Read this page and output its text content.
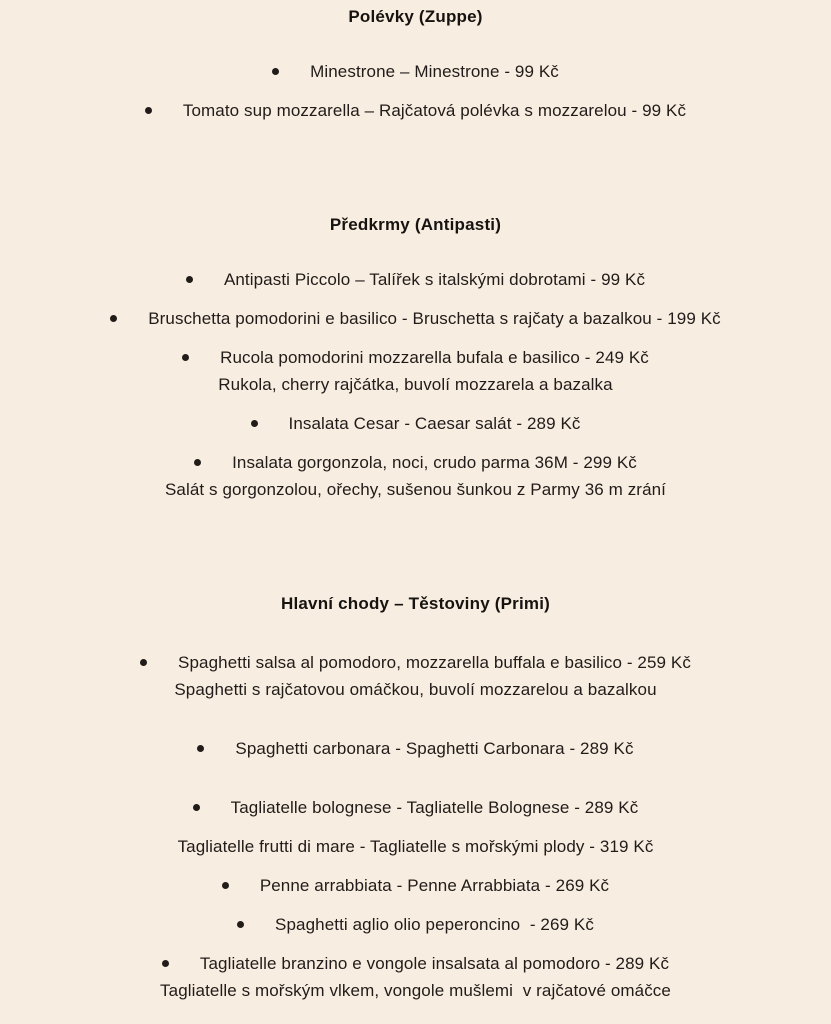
Polévky (Zuppe)
Minestrone – Minestrone - 99 Kč
Tomato sup mozzarella – Rajčatová polévka s mozzarelou - 99 Kč
Předkrmy (Antipasti)
Antipasti Piccolo – Talířek s italskými dobrotami - 99 Kč
Bruschetta pomodorini e basilico - Bruschetta s rajčaty a bazalkou - 199 Kč
Rucola pomodorini mozzarella bufala e basilico - 249 Kč
Rukola, cherry rajčátka, buvolí mozzarela a bazalka
Insalata Cesar - Caesar salát - 289 Kč
Insalata gorgonzola, noci, crudo parma 36M - 299 Kč
Salát s gorgonzolou, ořechy, sušenou šunkou z Parmy 36 m zrání
Hlavní chody – Těstoviny (Primi)
Spaghetti salsa al pomodoro, mozzarella buffala e basilico - 259 Kč
Spaghetti s rajčatovou omáčkou, buvolí mozzarelou a bazalkou
Spaghetti carbonara - Spaghetti Carbonara - 289 Kč
Tagliatelle bolognese - Tagliatelle Bolognese - 289 Kč
Tagliatelle frutti di mare - Tagliatelle s mořskými plody - 319 Kč
Penne arrabbiata - Penne Arrabbiata - 269 Kč
Spaghetti aglio olio peperoncino  - 269 Kč
Tagliatelle branzino e vongole insalsata al pomodoro - 289 Kč
Tagliatelle s mořským vlkem, vongole mušlemi  v rajčatové omáčce
